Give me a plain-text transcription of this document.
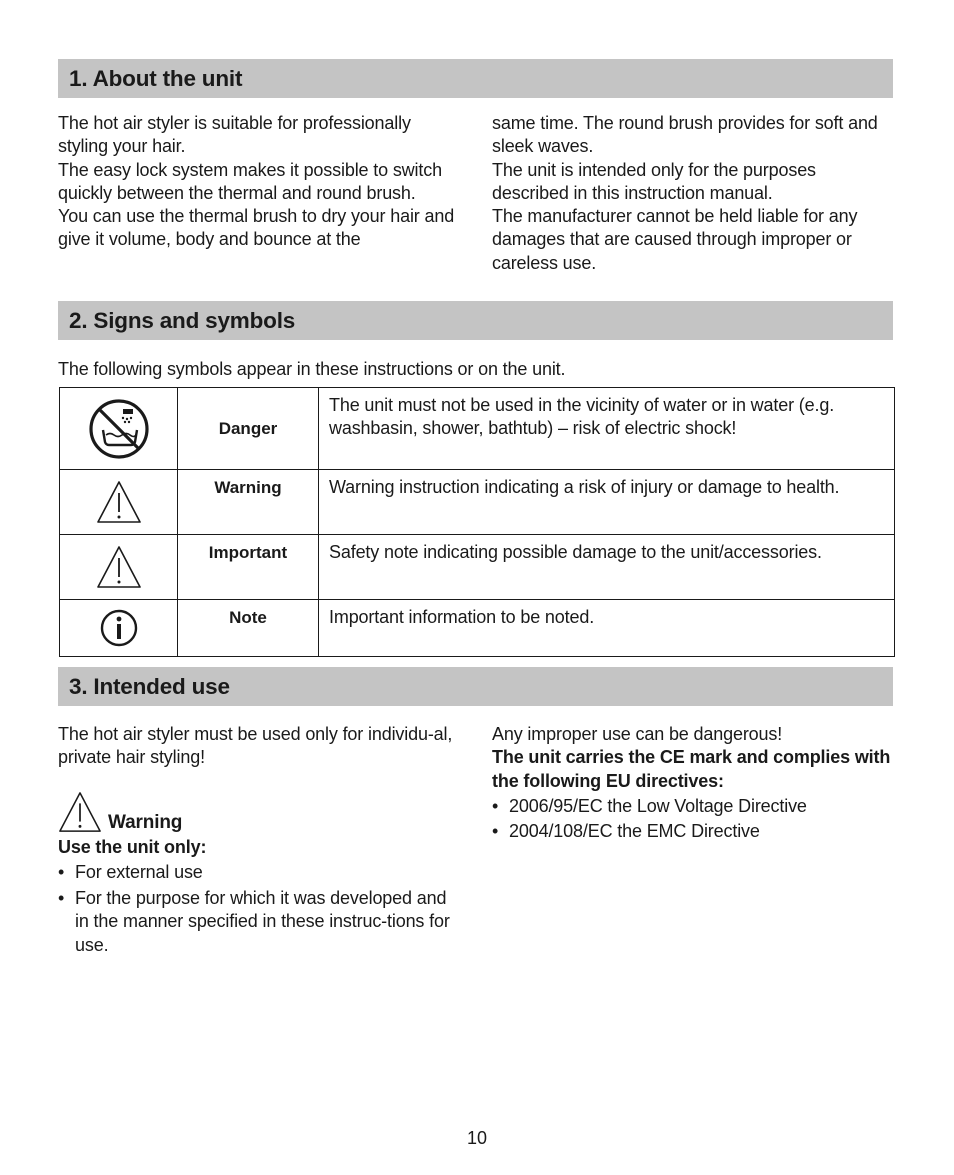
1. About the unit

The hot air styler is suitable for professionally styling your hair.

The easy lock system makes it possible to switch quickly between the thermal and round brush.

You can use the thermal brush to dry your hair and give it volume, body and bounce at the

same time. The round brush provides for soft and sleek waves.

The unit is intended only for the purposes described in this instruction manual.

The manufacturer cannot be held liable for any damages that are caused through improper or careless use.

2. Signs and symbols
The following symbols appear in these instructions or on the unit.
	Danger	The unit must not be used in the vicinity of water or in water (e.g. washbasin, shower, bathtub) – risk of electric shock!

	Warning	Warning instruction indicating a risk of injury or damage to health.

	Important	Safety note indicating possible damage to the unit/accessories.

	Note	Important information to be noted.
3. Intended use

The hot air styler must be used only for individu-al, private hair styling!

Warning

Use the unit only:

• For external use
• For the purpose for which it was developed and in the manner specified in these instruc-tions for use.

Any improper use can be dangerous!

The unit carries the CE mark and complies with the following EU directives:

• 2006/95/EC the Low Voltage Directive
• 2004/108/EC the EMC Directive
10
